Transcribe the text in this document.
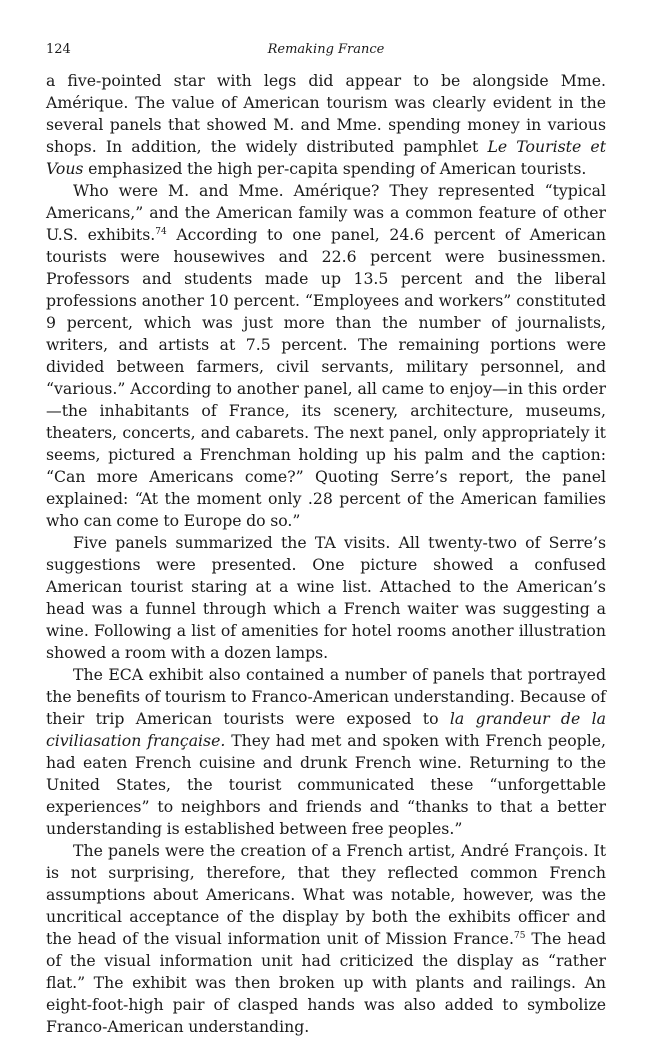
124	Remaking France

a five-pointed star with legs did appear to be alongside Mme. Amérique. The value of American tourism was clearly evident in the several panels that showed M. and Mme. spending money in various shops. In addition, the widely distributed pamphlet Le Touriste et Vous emphasized the high per-capita spending of American tourists.

Who were M. and Mme. Amérique? They represented “typical Americans,” and the American family was a common feature of other U.S. exhibits.$^{74}$ According to one panel, 24.6 percent of American tourists were housewives and 22.6 percent were businessmen. Professors and students made up 13.5 percent and the liberal professions another 10 percent. “Employees and workers” constituted 9 percent, which was just more than the number of journalists, writers, and artists at 7.5 percent. The remaining portions were divided between farmers, civil servants, military personnel, and “various.” According to another panel, all came to enjoy—in this order—the inhabitants of France, its scenery, architecture, museums, theaters, concerts, and cabarets. The next panel, only appropriately it seems, pictured a Frenchman holding up his palm and the caption: “Can more Americans come?” Quoting Serre’s report, the panel explained: “At the moment only .28 percent of the American families who can come to Europe do so.”

Five panels summarized the TA visits. All twenty-two of Serre’s suggestions were presented. One picture showed a confused American tourist staring at a wine list. Attached to the American’s head was a funnel through which a French waiter was suggesting a wine. Following a list of amenities for hotel rooms another illustration showed a room with a dozen lamps.

The ECA exhibit also contained a number of panels that portrayed the benefits of tourism to Franco-American understanding. Because of their trip American tourists were exposed to la grandeur de la civiliasation française. They had met and spoken with French people, had eaten French cuisine and drunk French wine. Returning to the United States, the tourist communicated these “unforgettable experiences” to neighbors and friends and “thanks to that a better understanding is established between free peoples.”

The panels were the creation of a French artist, André François. It is not surprising, therefore, that they reflected common French assumptions about Americans. What was notable, however, was the uncritical acceptance of the display by both the exhibits officer and the head of the visual information unit of Mission France.$^{75}$ The head of the visual information unit had criticized the display as “rather flat.” The exhibit was then broken up with plants and railings. An eight-foot-high pair of clasped hands was also added to symbolize Franco-American understanding.
